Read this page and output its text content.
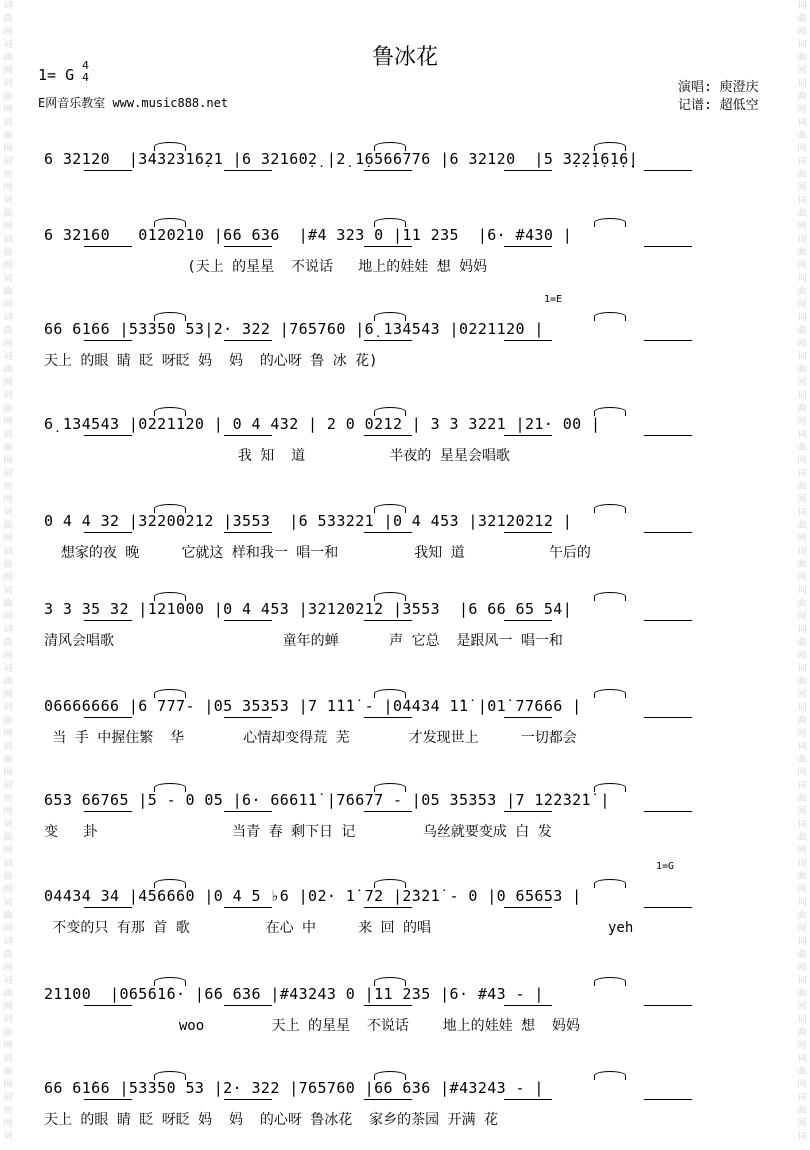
词
曲
网
词
曲
网
词
曲
网
词
曲
网
词
曲
网
词
曲
网
词
曲
网
词
曲
网
词
曲
网
词
曲
网
词
曲
网
词
曲
网
词
曲
网
词
曲
网
词
曲
网
词
曲
网
词
曲
网
词
曲
网
词
曲
网
词
曲
网
词
曲
网
词
曲
网
词
曲
网
词
曲
网
词
曲
网
词
曲
网
词
曲
网
词
曲
网
词
曲
网
词
词
曲
网
词
曲
网
词
曲
网
词
曲
网
词
曲
网
词
曲
网
词
曲
网
词
曲
网
词
曲
网
词
曲
网
词
曲
网
词
曲
网
词
曲
网
词
曲
网
词
曲
网
词
曲
网
词
曲
网
词
曲
网
词
曲
网
词
曲
网
词
曲
网
词
曲
网
词
曲
网
词
曲
网
词
曲
网
词
曲
网
词
曲
网
词
曲
网
词
曲
网
词
鲁冰花
1= G
4
4
E网音乐教室 www.music888.net
演唱: 庾澄庆
记谱: 超低空
6 32120  |3432316̣21 |6 32160̣2̣ |2̣ 1̣6566776 |6 32120  |5 3̣2̣2̣1̣6̣1̣6̣|
6 32160   0120210 |66 636  |#4 323 0 |11 235  |6· #430 |
(天上 的星星  不说话   地上的娃娃 想 妈妈
66 6166 |53350 53|2· 322 |765760 |6̣ 134543 |0221120 |
天上 的眼 睛 眨 呀眨 妈  妈  的心呀 鲁 冰 花)
1=E
6̣ 134543 |0221120 | 0 4 432 | 2 0 0212 | 3 3 3221 |21· 00 |
我 知  道          半夜的 星星会唱歌
0 4 4 32 |32200212 |3553  |6 533221 |0 4 453 |32120212 |
想家的夜 晚     它就这 样和我一 唱一和         我知 道          午后的
3 3 35 32 |121000 |0 4 453 |32120212 |3553  |6 66 65 54|
清风会唱歌                    童年的蝉      声 它总  是跟风一 唱一和
06666666 |6 777- |05 35353 |7 1̇1̇1̇ - |04434 1̇1̇ |01̇ 77666 |
当 手 中握住繁  华       心情却变得荒 芜       才发现世上     一切都会
653 66765 |5 - 0 05 |6· 6661̇1̇ |76677 - |05 35353 |7 1̇2̇2̇3̇2̇1̇ |
变   卦                当青 春 剩下日 记        乌丝就要变成 白 发
04434 34 |456660 |0 4 5 ♭6 |02· 1̇ 72 |2̇3̇2̇1̇ - 0 |0 65653 |
不变的只 有那 首 歌         在心 中     来 回 的唱                     yeh
1=G
21100  |06561̇6· |66 636 |#43243 0 |11 235 |6· #43 - |
woo        天上 的星星  不说话    地上的娃娃 想  妈妈
66 61̇66 |53350 53 |2· 322 |765760 |66 636 |#43243 - |
天上 的眼 睛 眨 呀眨 妈  妈  的心呀 鲁冰花  家乡的茶园 开满 花
